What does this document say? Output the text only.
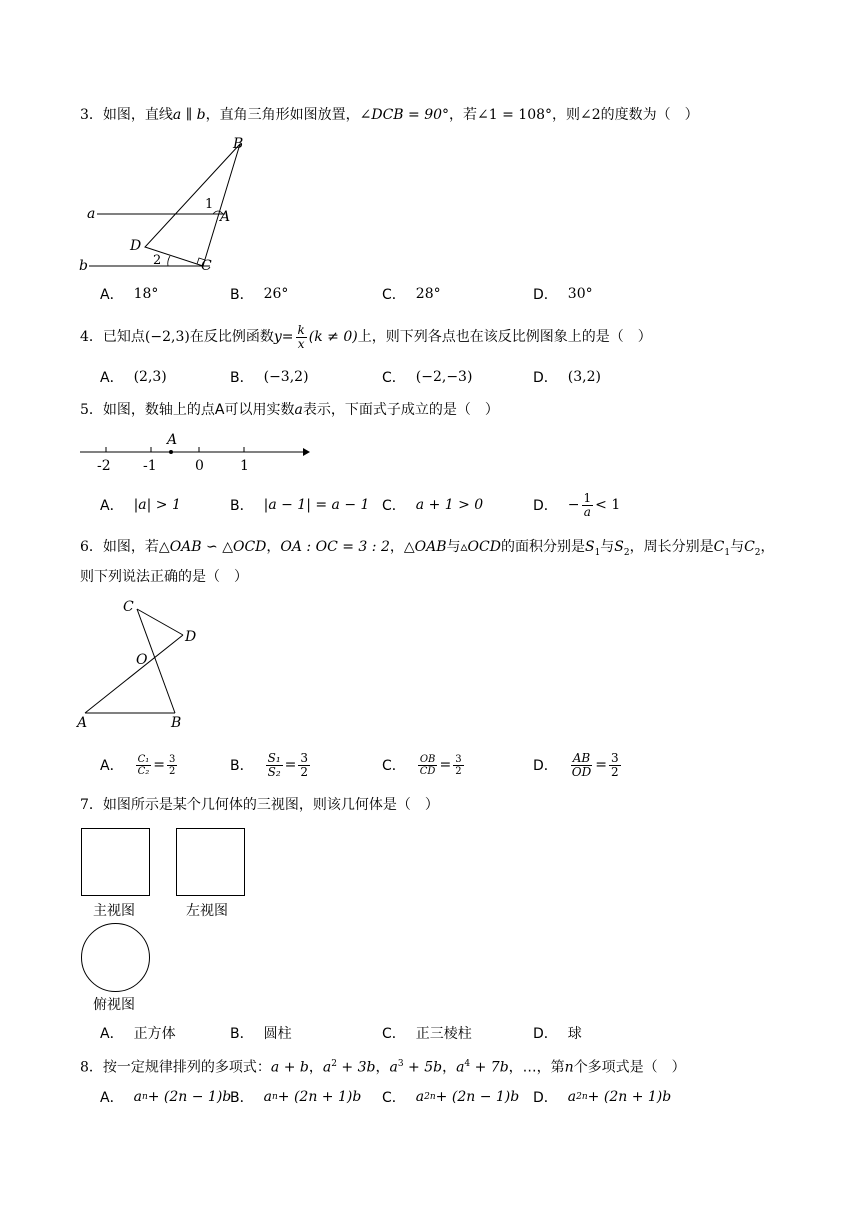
3．如图，直线a ∥ b，直角三角形如图放置，∠DCB = 90°，若∠1 = 108°，则∠2的度数为（　）
B
a
1
A
D
b	2	C
A． 18°	B． 26°	C． 28°	D． 30°
4． 已知点 (−2,3) 在反比例函数 $y = \frac{k}{x} (k \ne 0)$ 上，则下列各点也在该反比例图象上的是（　）
A． (2,3)	B． (−3,2)	C． (−2,−3)	D． (3,2)
5．如图，数轴上的点A可以用实数a表示，下面式子成立的是（　）
A
-2 -1	0	1
A． |a| > 1	B． |a − 1| = a − 1 C． a + 1 > 0	D． − $\frac{1}{a} < 1$
6．如图，若△OAB ∽ △OCD，OA : OC = 3 : 2，△OAB与▵OCD的面积分别是$S_1$与$S_2$，周长分别是$C_1$与$C_2$，
则下列说法正确的是（　）
C
D
O
A	B
A． $\frac{\text{C₁}}{\text{C₂}} = \frac{3}{2}$	B． $\frac{\text{S₁}}{\text{S₂}} = \frac{3}{2}$	C． $\frac{OB}{CD} = \frac{3}{2}$	D． $\frac{AB}{OD} = \frac{3}{2}$
7．如图所示是某个几何体的三视图，则该几何体是（　）
主视图	左视图
俯视图
A． 正方体	B． 圆柱	C． 正三棱柱	D． 球
8．按一定规律排列的多项式：a + b，$a^2 + 3b$，$a^3 + 5b$，$a^4 + 7b$，…，第n个多项式是（　）
A． a n + (2n − 1)b
B． a n + (2n + 1)b C． a 2n + (2n − 1)b D． a 2n + (2n + 1)b
